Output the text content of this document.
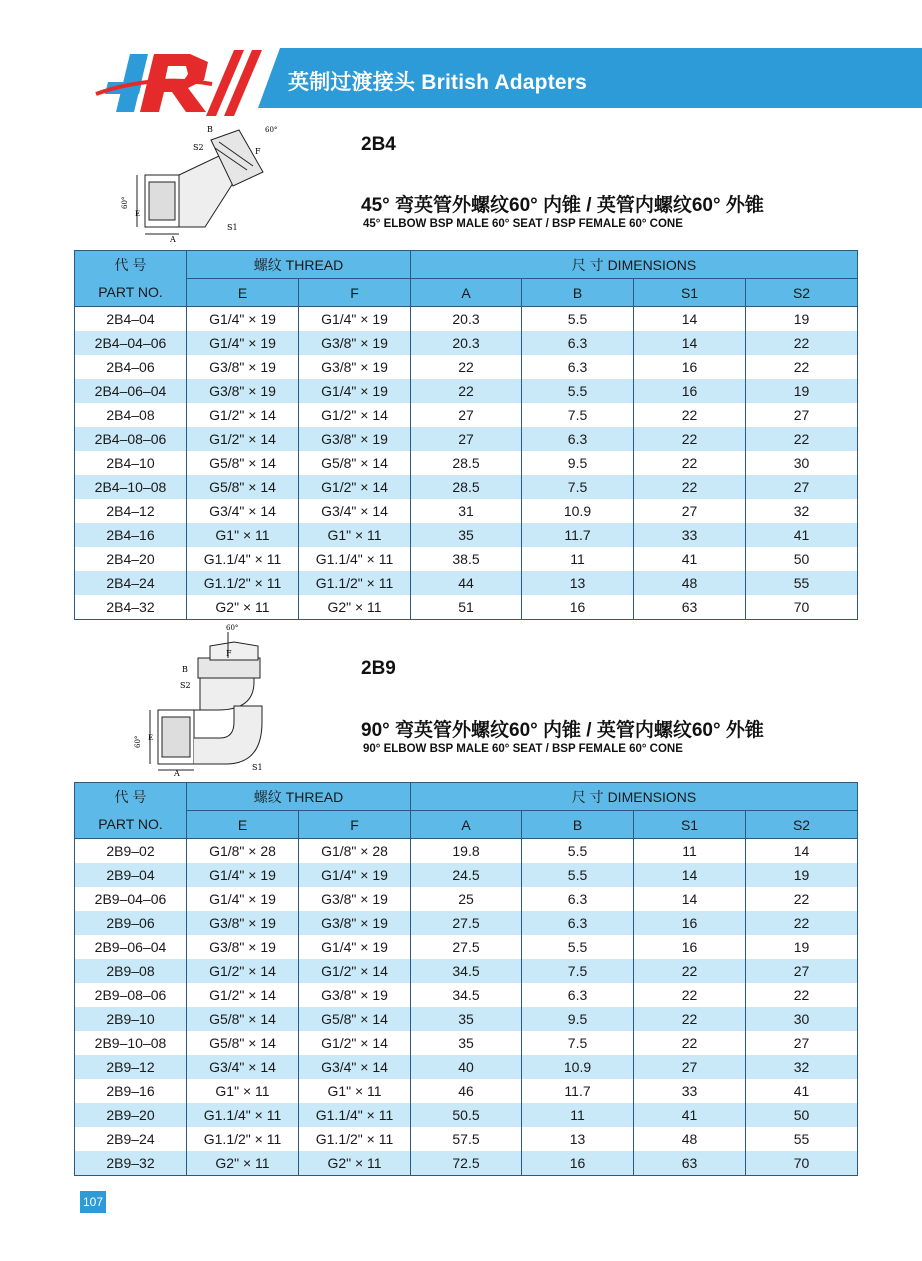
英制过渡接头 British Adapters
A
60°
E
S2
B
F
60°
S1
2B4
45° 弯英管外螺纹60° 内锥 / 英管内螺纹60° 外锥
45° ELBOW BSP MALE 60° SEAT / BSP FEMALE 60° CONE
代 号	螺纹 THREAD		尺 寸 DIMENSIONS			
PART NO.	E	F	A	B	S1	S2
2B4–04	G1/4" × 19	G1/4" × 19	20.3	5.5	14	19
2B4–04–06	G1/4" × 19	G3/8" × 19	20.3	6.3	14	22
2B4–06	G3/8" × 19	G3/8" × 19	22	6.3	16	22
2B4–06–04	G3/8" × 19	G1/4" × 19	22	5.5	16	19
2B4–08	G1/2" × 14	G1/2" × 14	27	7.5	22	27
2B4–08–06	G1/2" × 14	G3/8" × 19	27	6.3	22	22
2B4–10	G5/8" × 14	G5/8" × 14	28.5	9.5	22	30
2B4–10–08	G5/8" × 14	G1/2" × 14	28.5	7.5	22	27
2B4–12	G3/4" × 14	G3/4" × 14	31	10.9	27	32
2B4–16	G1" × 11	G1" × 11	35	11.7	33	41
2B4–20	G1.1/4" × 11	G1.1/4" × 11	38.5	11	41	50
2B4–24	G1.1/2" × 11	G1.1/2" × 11	44	13	48	55
2B4–32	G2" × 11	G2" × 11	51	16	63	70
A
60° E
S2
B
F
60°
S1
2B9
90° 弯英管外螺纹60° 内锥 / 英管内螺纹60° 外锥
90° ELBOW BSP MALE 60° SEAT / BSP FEMALE 60° CONE
代 号	螺纹 THREAD		尺 寸 DIMENSIONS			
PART NO.	E	F	A	B	S1	S2
2B9–02	G1/8" × 28	G1/8" × 28	19.8	5.5	11	14
2B9–04	G1/4" × 19	G1/4" × 19	24.5	5.5	14	19
2B9–04–06	G1/4" × 19	G3/8" × 19	25	6.3	14	22
2B9–06	G3/8" × 19	G3/8" × 19	27.5	6.3	16	22
2B9–06–04	G3/8" × 19	G1/4" × 19	27.5	5.5	16	19
2B9–08	G1/2" × 14	G1/2" × 14	34.5	7.5	22	27
2B9–08–06	G1/2" × 14	G3/8" × 19	34.5	6.3	22	22
2B9–10	G5/8" × 14	G5/8" × 14	35	9.5	22	30
2B9–10–08	G5/8" × 14	G1/2" × 14	35	7.5	22	27
2B9–12	G3/4" × 14	G3/4" × 14	40	10.9	27	32
2B9–16	G1" × 11	G1" × 11	46	11.7	33	41
2B9–20	G1.1/4" × 11	G1.1/4" × 11	50.5	11	41	50
2B9–24	G1.1/2" × 11	G1.1/2" × 11	57.5	13	48	55
2B9–32	G2" × 11	G2" × 11	72.5	16	63	70
107
